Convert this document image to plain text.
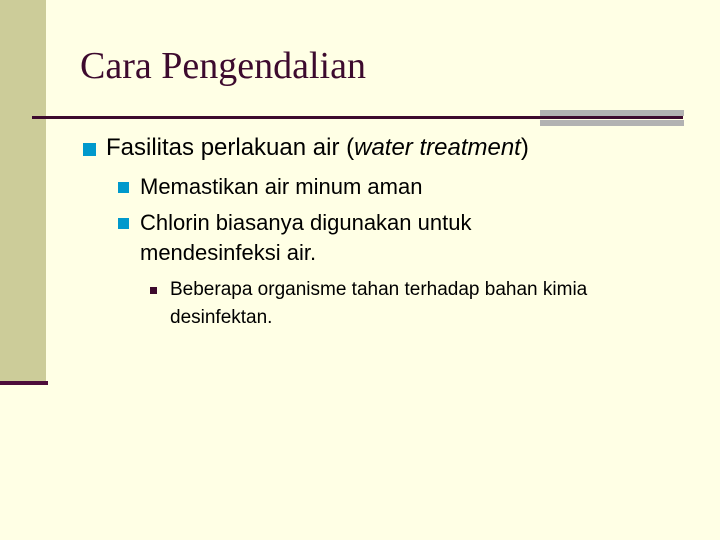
Cara Pengendalian
Fasilitas perlakuan air (water treatment)
Memastikan air minum aman
Chlorin biasanya digunakan untuk
mendesinfeksi air.
Beberapa organisme tahan terhadap bahan kimia
desinfektan.
